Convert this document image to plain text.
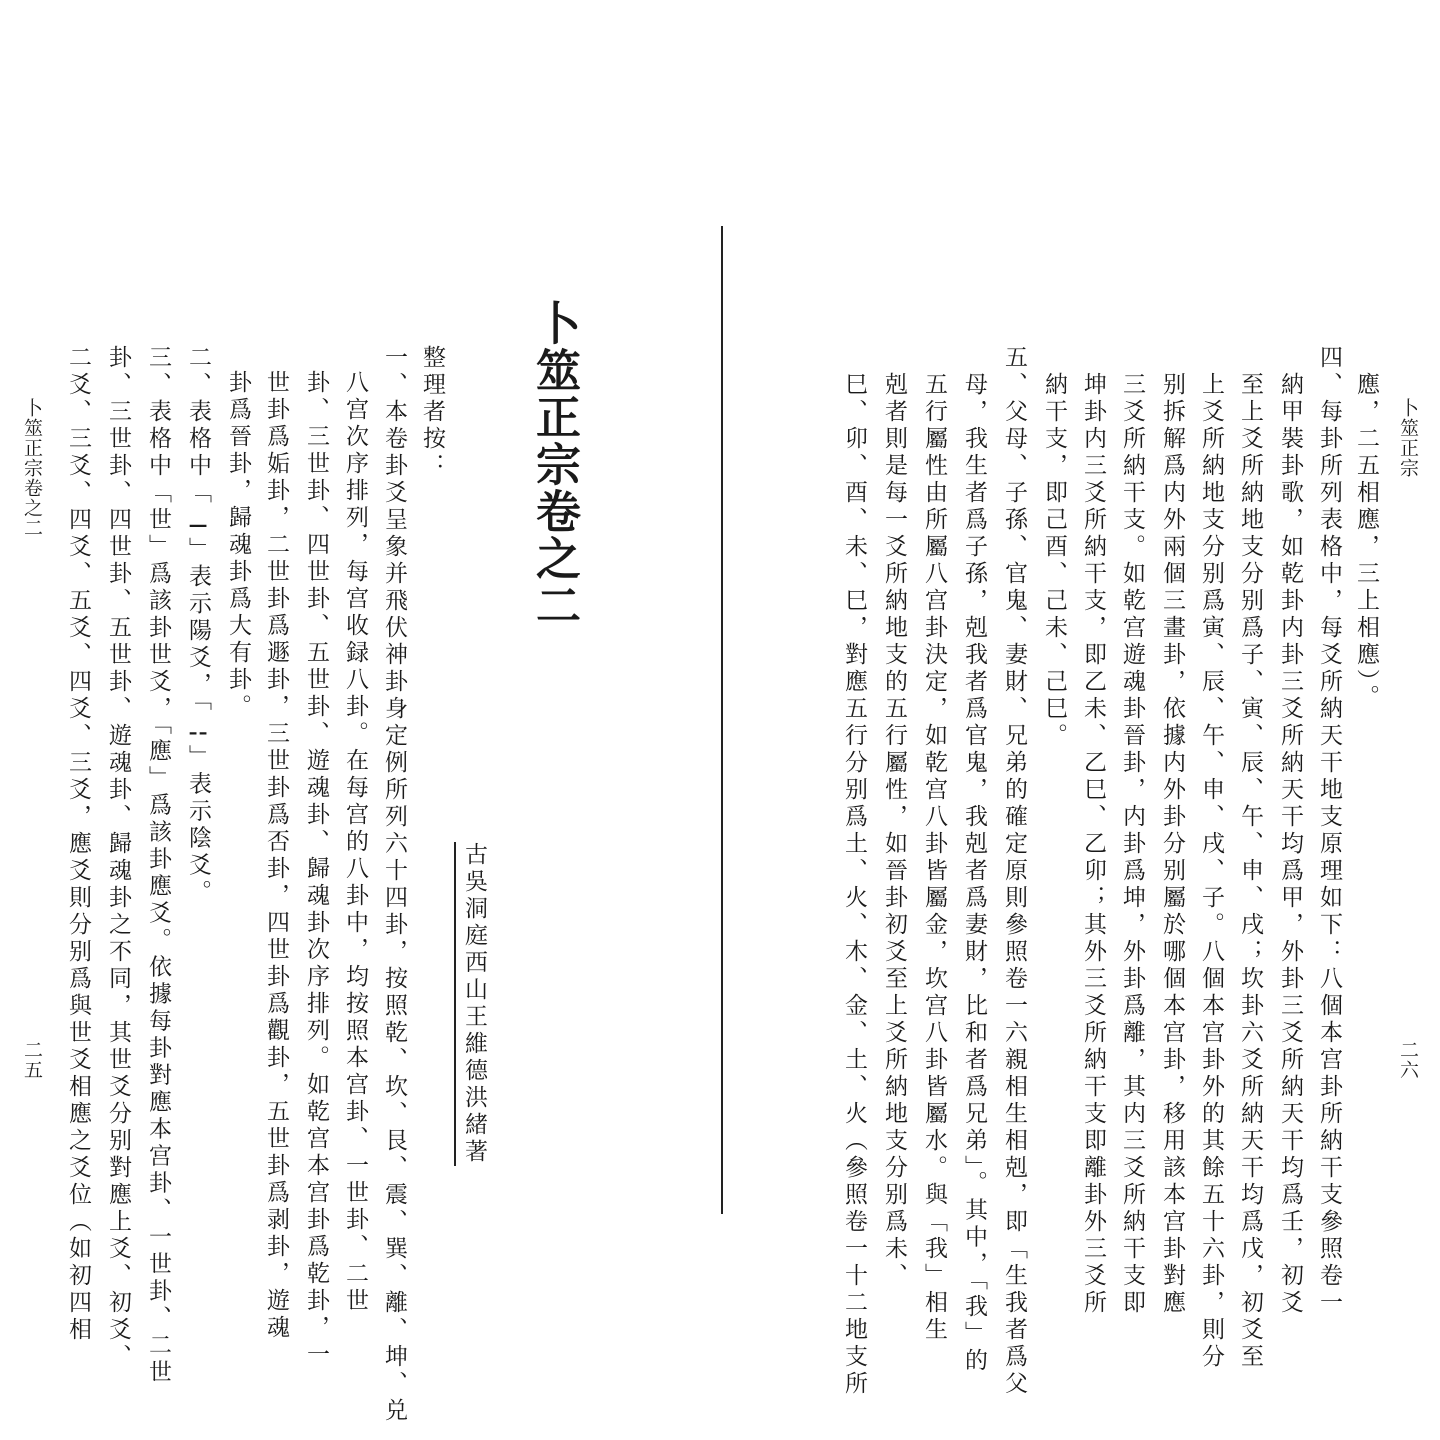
卜筮正宗卷之二
二五 二爻、三爻、四爻、五爻、四爻、三爻，應爻則分别爲與世爻相應之爻位（如初四相 卦、三世卦、四世卦、五世卦、遊魂卦、歸魂卦之不同，其世爻分别對應上爻、初爻、 三、表格中「世」爲該卦世爻，「應」爲該卦應爻。依據每卦對應本宫卦、一世卦、二世 二、表格中「⚊」表示陽爻，「⚋」表示陰爻。 卦爲晉卦，歸魂卦爲大有卦。 世卦爲姤卦，二世卦爲遯卦，三世卦爲否卦，四世卦爲觀卦，五世卦爲剥卦，遊魂 卦、三世卦、四世卦、五世卦、遊魂卦、歸魂卦次序排列。如乾宫本宫卦爲乾卦，一 八宫次序排列，每宫收録八卦。在每宫的八卦中，均按照本宫卦、一世卦、二世 一、本卷卦爻呈象并飛伏神卦身定例所列六十四卦，按照乾、坎、艮、震、巽、離、坤、兑 整理者按：
古吳洞庭西山王維德洪緒著
卜筮正宗卷之二	卜筮正宗
二六
應，二五相應，三上相應）。
四、每卦所列表格中，每爻所納天干地支原理如下：八個本宫卦所納干支參照卷一
納甲裝卦歌，如乾卦内卦三爻所納天干均爲甲，外卦三爻所納天干均爲壬，初爻
至上爻所納地支分别爲子、寅、辰、午、申、戌；坎卦六爻所納天干均爲戊，初爻至
上爻所納地支分别爲寅、辰、午、申、戌、子。八個本宫卦外的其餘五十六卦，則分
别拆解爲内外兩個三畫卦，依據内外卦分别屬於哪個本宫卦，移用該本宫卦對應
三爻所納干支。如乾宫遊魂卦晉卦，内卦爲坤，外卦爲離，其内三爻所納干支即
坤卦内三爻所納干支，即乙未、乙巳、乙卯；其外三爻所納干支即離卦外三爻所
納干支，即己酉、己未、己巳。
五、父母、子孫、官鬼、妻財、兄弟的確定原則參照卷一六親相生相剋，即「生我者爲父
母，我生者爲子孫，剋我者爲官鬼，我剋者爲妻財，比和者爲兄弟」。其中，「我」的
五行屬性由所屬八宫卦決定，如乾宫八卦皆屬金，坎宫八卦皆屬水。與「我」相生
剋者則是每一爻所納地支的五行屬性，如晉卦初爻至上爻所納地支分别爲未、
巳、卯、酉、未、巳，對應五行分别爲土、火、木、金、土、火（參照卷一十二地支所
